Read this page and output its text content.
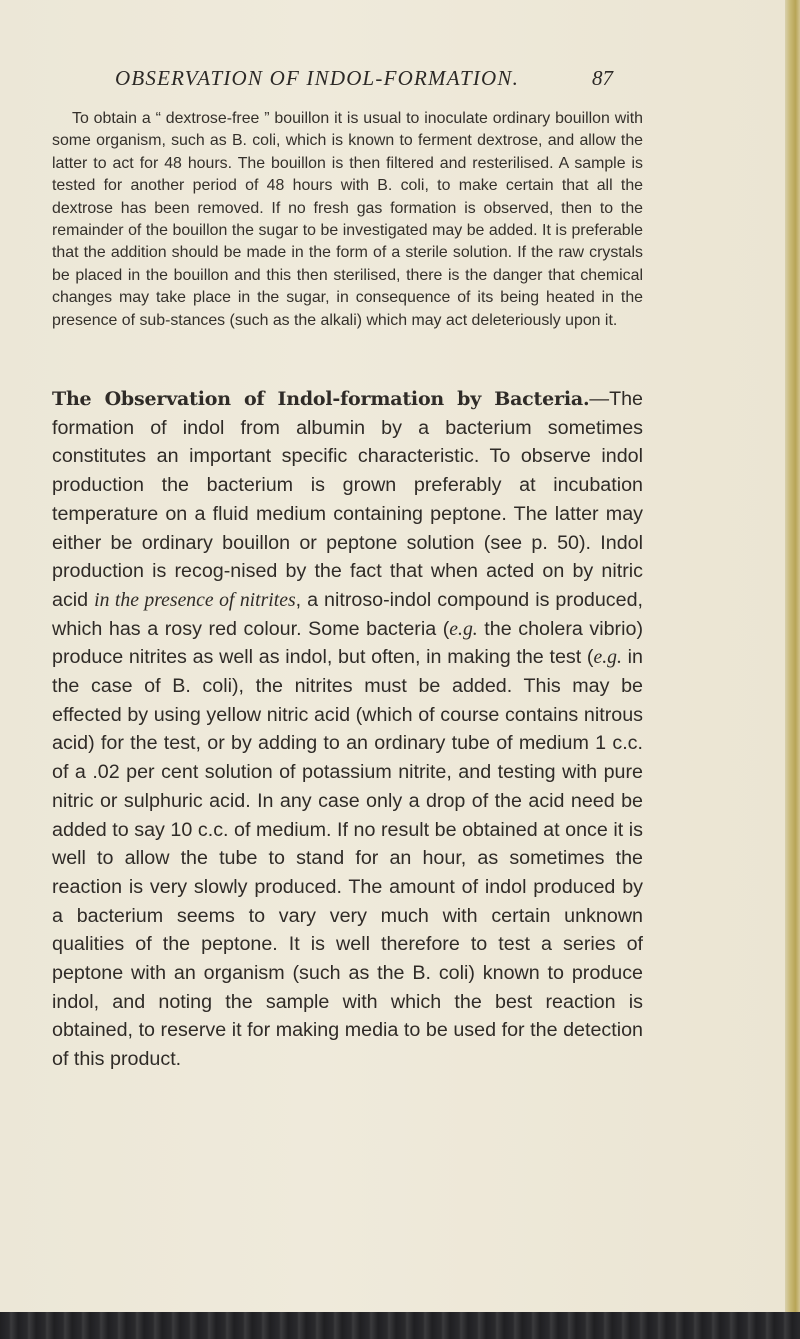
OBSERVATION OF INDOL-FORMATION.	87

To obtain a “ dextrose-free ” bouillon it is usual to inoculate ordinary bouillon with some organism, such as B. coli, which is known to ferment dextrose, and allow the latter to act for 48 hours. The bouillon is then filtered and resterilised. A sample is tested for another period of 48 hours with B. coli, to make certain that all the dextrose has been removed. If no fresh gas formation is observed, then to the remainder of the bouillon the sugar to be investigated may be added. It is preferable that the addition should be made in the form of a sterile solution. If the raw crystals be placed in the bouillon and this then sterilised, there is the danger that chemical changes may take place in the sugar, in consequence of its being heated in the presence of sub-stances (such as the alkali) which may act deleteriously upon it.

The Observation of Indol-formation by Bacteria.—The formation of indol from albumin by a bacterium sometimes constitutes an important specific characteristic. To observe indol production the bacterium is grown preferably at incubation temperature on a fluid medium containing peptone. The latter may either be ordinary bouillon or peptone solution (see p. 50). Indol production is recog-nised by the fact that when acted on by nitric acid in the presence of nitrites, a nitroso-indol compound is produced, which has a rosy red colour. Some bacteria (e.g. the cholera vibrio) produce nitrites as well as indol, but often, in making the test (e.g. in the case of B. coli), the nitrites must be added. This may be effected by using yellow nitric acid (which of course contains nitrous acid) for the test, or by adding to an ordinary tube of medium 1 c.c. of a .02 per cent solution of potassium nitrite, and testing with pure nitric or sulphuric acid. In any case only a drop of the acid need be added to say 10 c.c. of medium. If no result be obtained at once it is well to allow the tube to stand for an hour, as sometimes the reaction is very slowly produced. The amount of indol produced by a bacterium seems to vary very much with certain unknown qualities of the peptone. It is well therefore to test a series of peptone with an organism (such as the B. coli) known to produce indol, and noting the sample with which the best reaction is obtained, to reserve it for making media to be used for the detection of this product.
